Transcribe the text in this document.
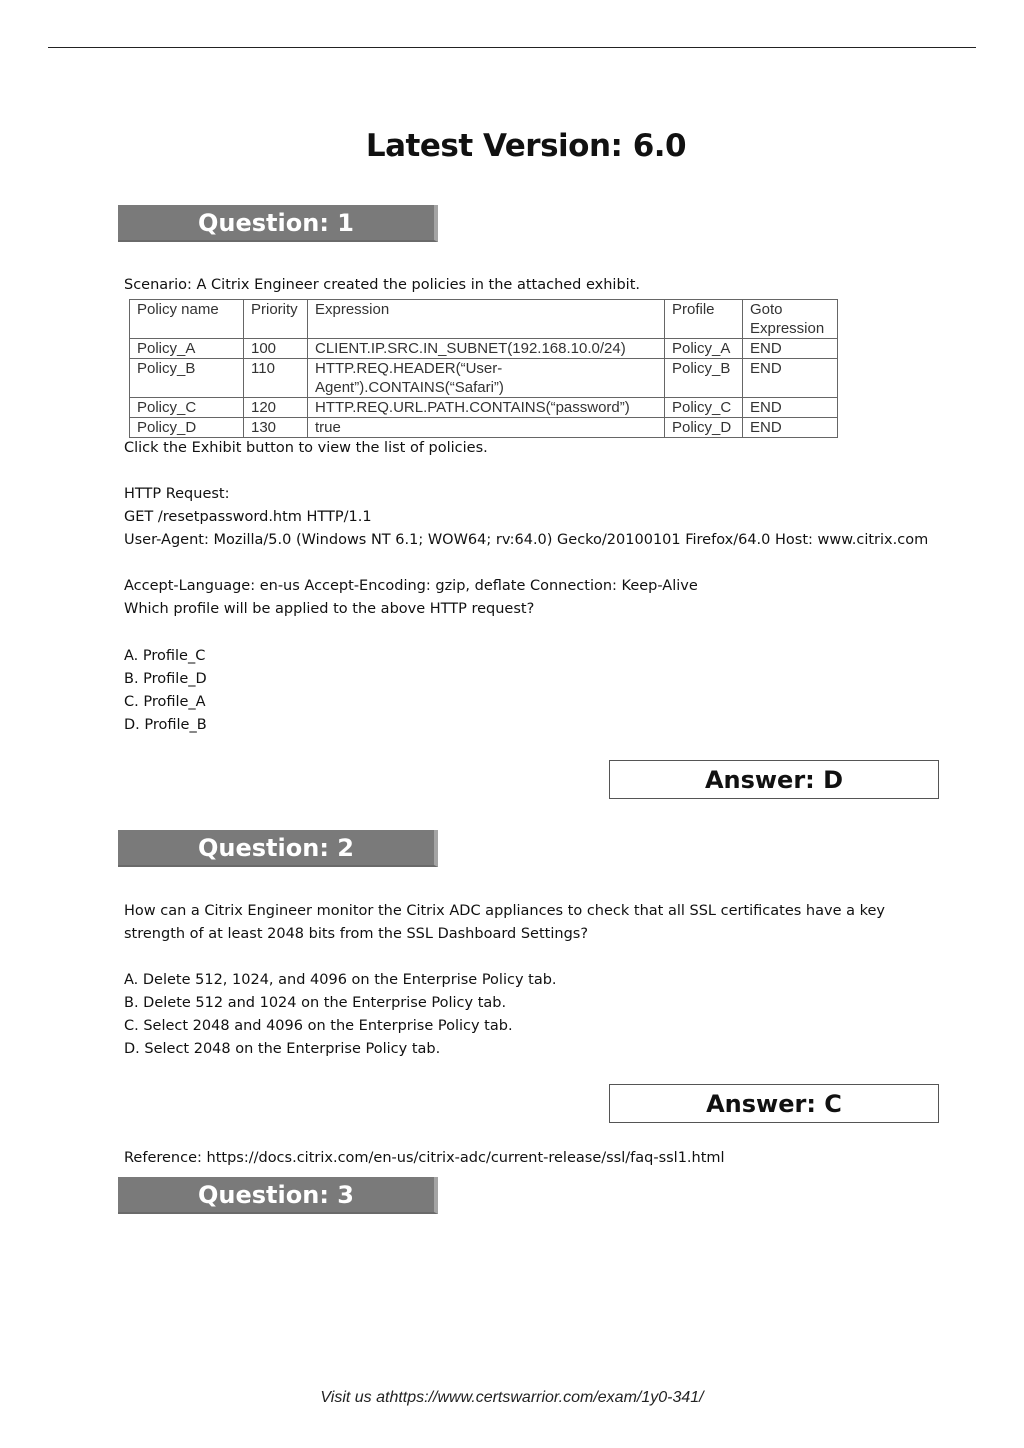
Latest Version: 6.0
Question: 1
Scenario: A Citrix Engineer created the policies in the attached exhibit.
Policy name	Priority	Expression	Profile	Goto
Expression
Policy_A	100	CLIENT.IP.SRC.IN_SUBNET(192.168.10.0/24)	Policy_A	END
Policy_B	110	HTTP.REQ.HEADER(“User-
Agent”).CONTAINS(“Safari”)	Policy_B	END
Policy_C	120	HTTP.REQ.URL.PATH.CONTAINS(“password”)	Policy_C	END
Policy_D	130	true	Policy_D	END
Click the Exhibit button to view the list of policies.
HTTP Request:
GET /resetpassword.htm HTTP/1.1
User-Agent: Mozilla/5.0 (Windows NT 6.1; WOW64; rv:64.0) Gecko/20100101 Firefox/64.0 Host: www.citrix.com
Accept-Language: en-us Accept-Encoding: gzip, deflate Connection: Keep-Alive
Which profile will be applied to the above HTTP request?
A. Profile_C
B. Profile_D
C. Profile_A
D. Profile_B
Answer: D
Question: 2
How can a Citrix Engineer monitor the Citrix ADC appliances to check that all SSL certificates have a key strength of at least 2048 bits from the SSL Dashboard Settings?
A. Delete 512, 1024, and 4096 on the Enterprise Policy tab.
B. Delete 512 and 1024 on the Enterprise Policy tab.
C. Select 2048 and 4096 on the Enterprise Policy tab.
D. Select 2048 on the Enterprise Policy tab.
Answer: C
Reference: https://docs.citrix.com/en-us/citrix-adc/current-release/ssl/faq-ssl1.html
Question: 3
Visit us athttps://www.certswarrior.com/exam/1y0-341/
